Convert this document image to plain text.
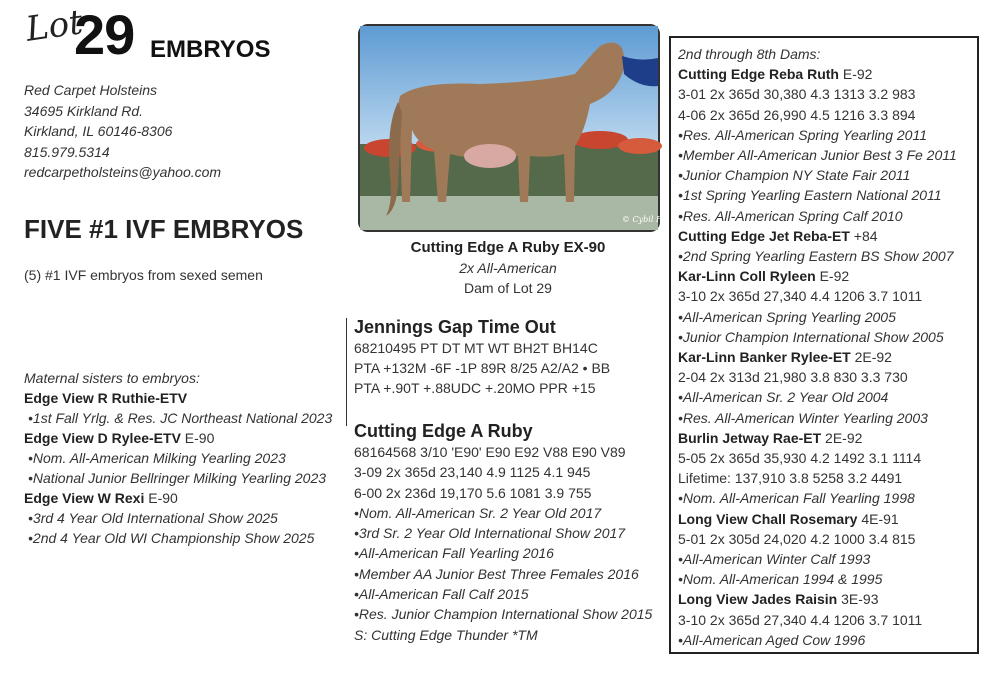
Lot
29 EMBRYOS
Red Carpet Holsteins
34695 Kirkland Rd.
Kirkland, IL 60146-8306
815.979.5314
redcarpetholsteins@yahoo.com
FIVE #1 IVF EMBRYOS
(5) #1 IVF embryos from sexed semen
Maternal sisters to embryos:
Edge View R Ruthie-ETV
•1st Fall Yrlg. & Res. JC Northeast National 2023
Edge View D Rylee-ETV E-90
•Nom. All-American Milking Yearling 2023
•National Junior Bellringer Milking Yearling 2023
Edge View W Rexi E-90
•3rd 4 Year Old International Show 2025
•2nd 4 Year Old WI Championship Show 2025
© Cybil Fisher
Cutting Edge A Ruby EX-90
2x All-American
Dam of Lot 29
Jennings Gap Time Out
68210495 PT DT MT WT BH2T BH14C
PTA +132M -6F -1P 89R 8/25 A2/A2 • BB
PTA +.90T +.88UDC +.20MO PPR +15
Cutting Edge A Ruby
68164568 3/10 'E90' E90 E92 V88 E90 V89
3-09 2x 365d 23,140 4.9 1125 4.1 945
6-00 2x 236d 19,170 5.6 1081 3.9 755
•Nom. All-American Sr. 2 Year Old 2017
•3rd Sr. 2 Year Old International Show 2017
•All-American Fall Yearling 2016
•Member AA Junior Best Three Females 2016
•All-American Fall Calf 2015
•Res. Junior Champion International Show 2015
S: Cutting Edge Thunder *TM
2nd through 8th Dams:
Cutting Edge Reba Ruth E-92
3-01 2x 365d 30,380 4.3 1313 3.2 983
4-06 2x 365d 26,990 4.5 1216 3.3 894
•Res. All-American Spring Yearling 2011
•Member All-American Junior Best 3 Fe 2011
•Junior Champion NY State Fair 2011
•1st Spring Yearling Eastern National 2011
•Res. All-American Spring Calf 2010
Cutting Edge Jet Reba-ET +84
•2nd Spring Yearling Eastern BS Show 2007
Kar-Linn Coll Ryleen E-92
3-10 2x 365d 27,340 4.4 1206 3.7 1011
•All-American Spring Yearling 2005
•Junior Champion International Show 2005
Kar-Linn Banker Rylee-ET 2E-92
2-04 2x 313d 21,980 3.8 830 3.3 730
•All-American Sr. 2 Year Old 2004
•Res. All-American Winter Yearling 2003
Burlin Jetway Rae-ET 2E-92
5-05 2x 365d 35,930 4.2 1492 3.1 1114
Lifetime: 137,910 3.8 5258 3.2 4491
•Nom. All-American Fall Yearling 1998
Long View Chall Rosemary 4E-91
5-01 2x 305d 24,020 4.2 1000 3.4 815
•All-American Winter Calf 1993
•Nom. All-American 1994 & 1995
Long View Jades Raisin 3E-93
3-10 2x 365d 27,340 4.4 1206 3.7 1011
•All-American Aged Cow 1996
